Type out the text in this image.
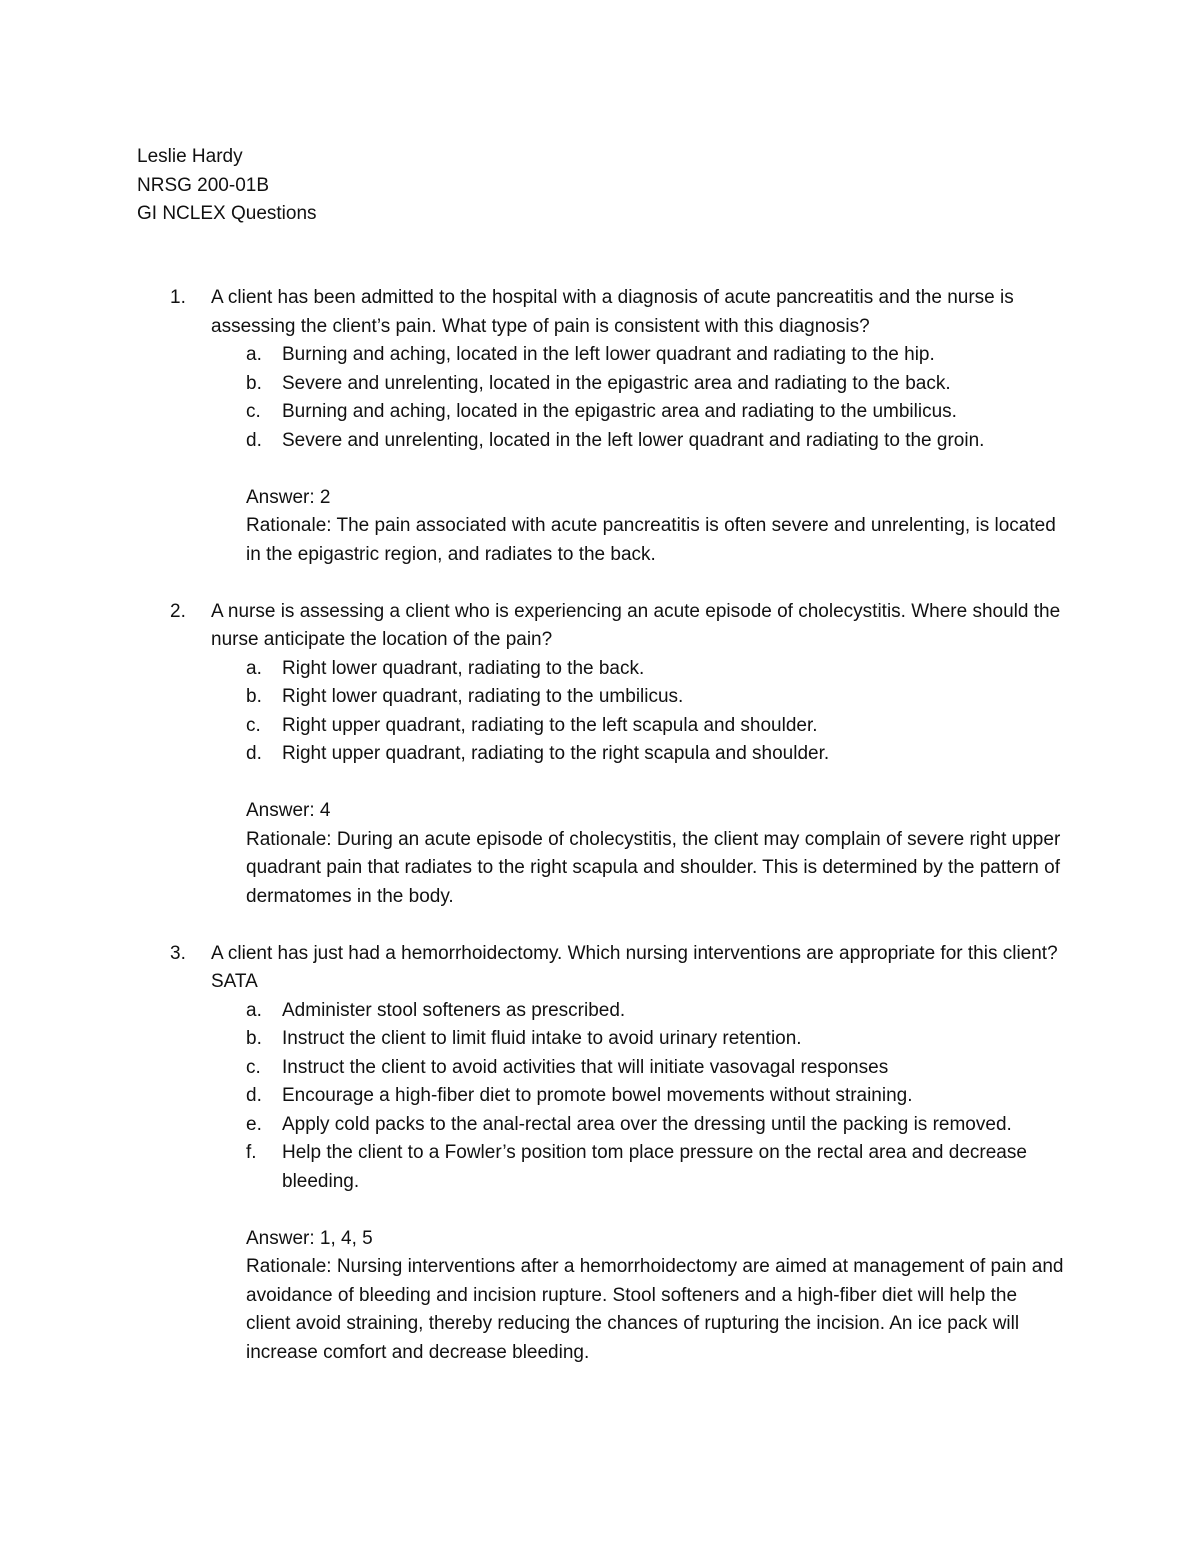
Leslie Hardy
NRSG 200-01B
GI NCLEX Questions
1. A client has been admitted to the hospital with a diagnosis of acute pancreatitis and the nurse is assessing the client’s pain. What type of pain is consistent with this diagnosis?
a. Burning and aching, located in the left lower quadrant and radiating to the hip.
b. Severe and unrelenting, located in the epigastric area and radiating to the back.
c. Burning and aching, located in the epigastric area and radiating to the umbilicus.
d. Severe and unrelenting, located in the left lower quadrant and radiating to the groin.
Answer: 2
Rationale: The pain associated with acute pancreatitis is often severe and unrelenting, is located in the epigastric region, and radiates to the back.
2. A nurse is assessing a client who is experiencing an acute episode of cholecystitis. Where should the nurse anticipate the location of the pain?
a. Right lower quadrant, radiating to the back.
b. Right lower quadrant, radiating to the umbilicus.
c. Right upper quadrant, radiating to the left scapula and shoulder.
d. Right upper quadrant, radiating to the right scapula and shoulder.
Answer: 4
Rationale: During an acute episode of cholecystitis, the client may complain of severe right upper quadrant pain that radiates to the right scapula and shoulder. This is determined by the pattern of dermatomes in the body.
3. A client has just had a hemorrhoidectomy. Which nursing interventions are appropriate for this client? SATA
a. Administer stool softeners as prescribed.
b. Instruct the client to limit fluid intake to avoid urinary retention.
c. Instruct the client to avoid activities that will initiate vasovagal responses
d. Encourage a high-fiber diet to promote bowel movements without straining.
e. Apply cold packs to the anal-rectal area over the dressing until the packing is removed.
f. Help the client to a Fowler’s position tom place pressure on the rectal area and decrease bleeding.
Answer: 1, 4, 5
Rationale: Nursing interventions after a hemorrhoidectomy are aimed at management of pain and avoidance of bleeding and incision rupture. Stool softeners and a high-fiber diet will help the client avoid straining, thereby reducing the chances of rupturing the incision. An ice pack will increase comfort and decrease bleeding.
